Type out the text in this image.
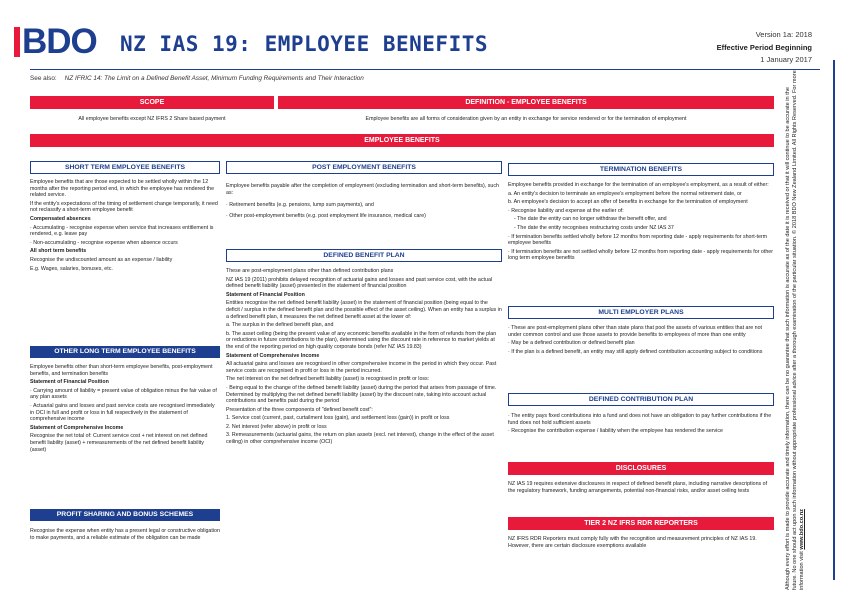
BDO NZ IAS 19: EMPLOYEE BENEFITS	Version 1a: 2018
Effective Period Beginning
1 January 2017
See also: NZ IFRIC 14: The Limit on a Defined Benefit Asset, Minimum Funding Requirements and Their Interaction
SCOPE
All employee benefits except NZ IFRS 2 Share based payment
DEFINITION - EMPLOYEE BENEFITS
Employee benefits are all forms of consideration given by an entity in exchange for service rendered or for the termination of employment
EMPLOYEE BENEFITS
SHORT TERM EMPLOYEE BENEFITS

Employee benefits that are those expected to be settled wholly within the 12 months after the reporting period end, in which the employee has rendered the related service.

If the entity's expectations of the timing of settlement change temporarily, it need not reclassify a short-term employee benefit

Compensated absences

· Accumulating - recognise expense when service that increases entitlement is rendered, e.g. leave pay

· Non-accumulating - recognise expense when absence occurs

All short term benefits

Recognise the undiscounted amount as an expense / liability

E.g. Wages, salaries, bonuses, etc.

OTHER LONG TERM EMPLOYEE BENEFITS

Employee benefits other than short-term employee benefits, post-employment benefits, and termination benefits

Statement of Financial Position

· Carrying amount of liability = present value of obligation minus the fair value of any plan assets

· Actuarial gains and losses and past service costs are recognised immediately in OCI in full and profit or loss in full respectively in the statement of comprehensive income

Statement of Comprehensive Income

Recognise the net total of: Current service cost + net interest on net defined benefit liability (asset) + remeasurements of the net defined benefit liability (asset)

PROFIT SHARING AND BONUS SCHEMES
Recognise the expense when entity has a present legal or constructive obligation to make payments, and a reliable estimate of the obligation can be made
POST EMPLOYMENT BENEFITS

Employee benefits payable after the completion of employment (excluding termination and short-term benefits), such as:

· Retirement benefits (e.g. pensions, lump sum payments), and

· Other post-employment benefits (e.g. post employment life insurance, medical care)

DEFINED BENEFIT PLAN

These are post-employment plans other than defined contribution plans

NZ IAS 19 (2011) prohibits delayed recognition of actuarial gains and losses and past service cost, with the actual defined benefit liability (asset) presented in the statement of financial position

Statement of Financial Position

Entities recognise the net defined benefit liability (asset) in the statement of financial position (being equal to the deficit / surplus in the defined benefit plan and the possible effect of the asset ceiling). When an entity has a surplus in a defined benefit plan, it measures the net defined benefit asset at the lower of:

a. The surplus in the defined benefit plan, and

b. The asset ceiling (being the present value of any economic benefits available in the form of refunds from the plan or reductions in future contributions to the plan), determined using the discount rate in reference to market yields at the end of the reporting period on high quality corporate bonds (refer NZ IAS 19.83)

Statement of Comprehensive Income

All actuarial gains and losses are recognised in other comprehensive income in the period in which they occur. Past service costs are recognised in profit or loss in the period incurred.

The net interest on the net defined benefit liability (asset) is recognised in profit or loss:

· Being equal to the change of the defined benefit liability (asset) during the period that arises from passage of time. Determined by multiplying the net defined benefit liability (asset) by the discount rate, taking into account actual contributions and benefits paid during the period

Presentation of the three components of "defined benefit cost":

1. Service cost (current, past, curtailment loss (gain), and settlement loss (gain)) in profit or loss

2. Net interest (refer above) in profit or loss

3. Remeasurements (actuarial gains, the return on plan assets (excl. net interest), change in the effect of the asset ceiling) in other comprehensive income (OCI)

TERMINATION BENEFITS

Employee benefits provided in exchange for the termination of an employee's employment, as a result of either:

a. An entity's decision to terminate an employee's employment before the normal retirement date, or

b. An employee's decision to accept an offer of benefits in exchange for the termination of employment

· Recognise liability and expense at the earlier of:

- The date the entity can no longer withdraw the benefit offer, and

- The date the entity recognises restructuring costs under NZ IAS 37

· If termination benefits settled wholly before 12 months from reporting date - apply requirements for short-term employee benefits

· If termination benefits are not settled wholly before 12 months from reporting date - apply requirements for other long term employee benefits

MULTI EMPLOYER PLANS

· These are post-employment plans other than state plans that pool the assets of various entities that are not under common control and use those assets to provide benefits to employees of more than one entity

· May be a defined contribution or defined benefit plan

· If the plan is a defined benefit, an entity may still apply defined contribution accounting subject to conditions

DEFINED CONTRIBUTION PLAN

· The entity pays fixed contributions into a fund and does not have an obligation to pay further contributions if the fund does not hold sufficient assets

· Recognise the contribution expense / liability when the employee has rendered the service

DISCLOSURES
NZ IAS 19 requires extensive disclosures in respect of defined benefit plans, including narrative descriptions of the regulatory framework, funding arrangements, potential non-financial risks, and/or asset ceiling tests
TIER 2 NZ IFRS RDR REPORTERS
NZ IFRS RDR Reporters must comply fully with the recognition and measurement principles of NZ IAS 19. However, there are certain disclosure exemptions available	Although every effort is made to provide accurate and timely information, there can be no guarantee that such information is accurate as of the date it is received or that it will continue to be accurate in the future. No one should act upon such information without appropriate professional advice after a thorough examination of the particular situation. © 2018 BDO New Zealand Limited. All Rights Reserved. For more information visit www.bdo.co.nz
